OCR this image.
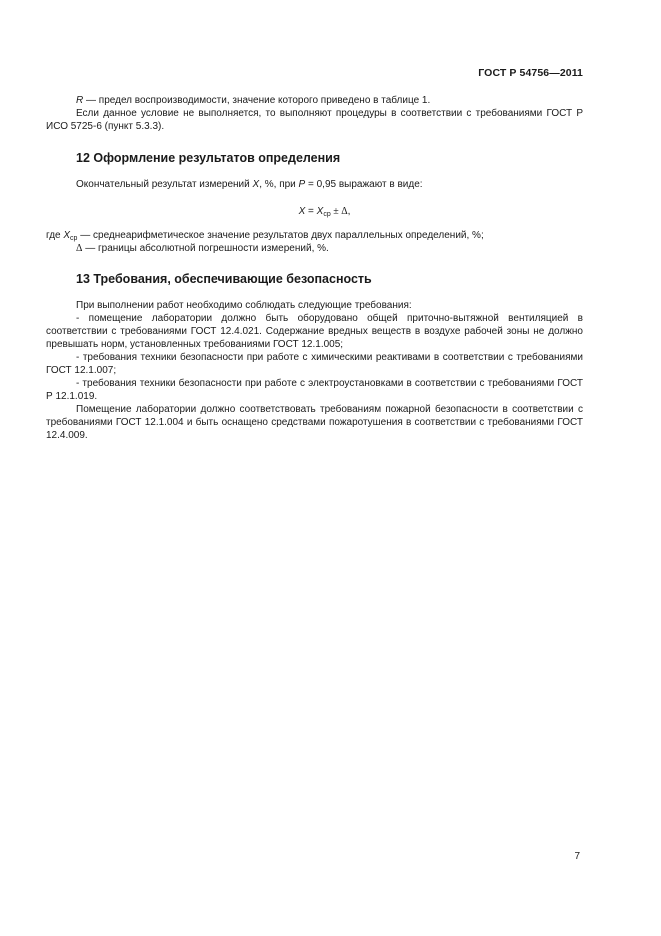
ГОСТ Р 54756—2011

R — предел воспроизводимости, значение которого приведено в таблице 1.

Если данное условие не выполняется, то выполняют процедуры в соответствии с требованиями ГОСТ Р ИСО 5725-6 (пункт 5.3.3).

12 Оформление результатов определения

Окончательный результат измерений X, %, при P = 0,95 выражают в виде:

$X = X_{ср} \pm \Delta$,

где $X_{ср}$ — среднеарифметическое значение результатов двух параллельных определений, %;
Δ — границы абсолютной погрешности измерений, %.
13 Требования, обеспечивающие безопасность

При выполнении работ необходимо соблюдать следующие требования:

- помещение лаборатории должно быть оборудовано общей приточно-вытяжной вентиляцией в соответствии с требованиями ГОСТ 12.4.021. Содержание вредных веществ в воздухе рабочей зоны не должно превышать норм, установленных требованиями ГОСТ 12.1.005;

- требования техники безопасности при работе с химическими реактивами в соответствии с требованиями ГОСТ 12.1.007;

- требования техники безопасности при работе с электроустановками в соответствии с требованиями ГОСТ Р 12.1.019.

Помещение лаборатории должно соответствовать требованиям пожарной безопасности в соответствии с требованиями ГОСТ 12.1.004 и быть оснащено средствами пожаротушения в соответствии с требованиями ГОСТ 12.4.009.

7
